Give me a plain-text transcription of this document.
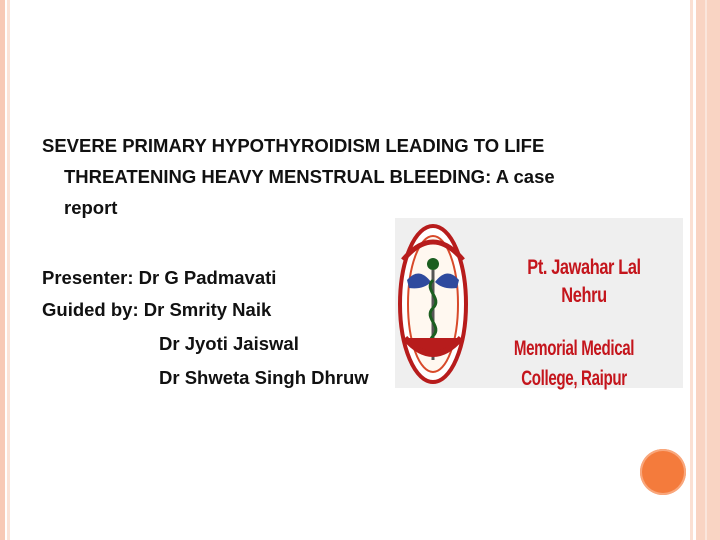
SEVERE PRIMARY HYPOTHYROIDISM LEADING TO LIFE
THREATENING HEAVY MENSTRUAL BLEEDING: A case
report
Presenter: Dr G Padmavati
Guided by: Dr Smrity Naik
Dr Jyoti Jaiswal
Dr Shweta Singh Dhruw
Pt. Jawahar Lal Nehru
Memorial Medical College, Raipur
